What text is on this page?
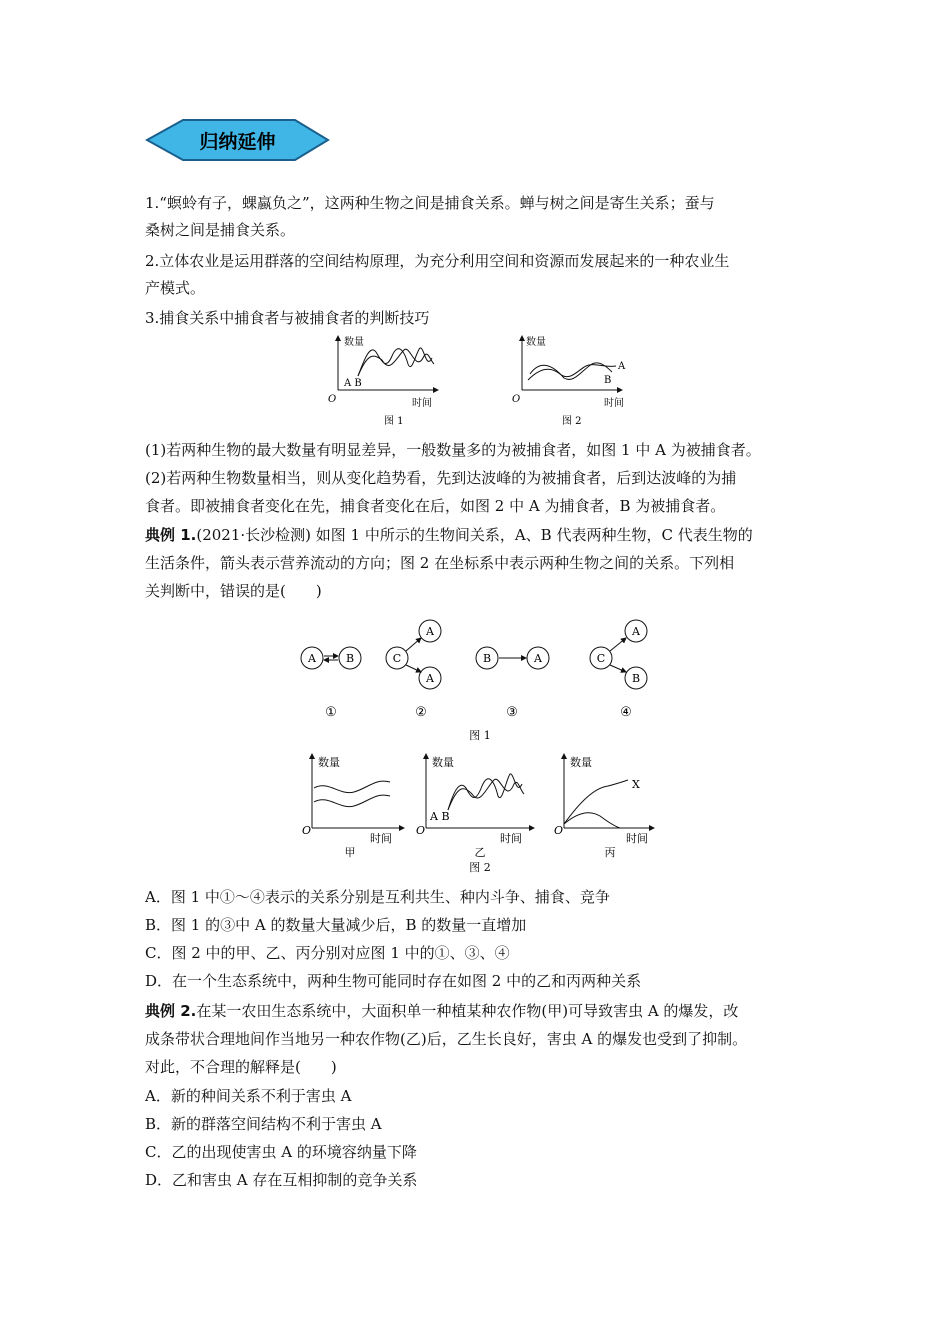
归纳延伸
1.“螟蛉有子，蜾蠃负之”，这两种生物之间是捕食关系。蝉与树之间是寄生关系；蚕与
桑树之间是捕食关系。
2.立体农业是运用群落的空间结构原理，为充分利用空间和资源而发展起来的一种农业生
产模式。
3.捕食关系中捕食者与被捕食者的判断技巧
数量
时间
O
A B
数量
时间
O
A
B
图 1	图 2
(1)若两种生物的最大数量有明显差异，一般数量多的为被捕食者，如图 1 中 A 为被捕食者。
(2)若两种生物数量相当，则从变化趋势看，先到达波峰的为被捕食者，后到达波峰的为捕
食者。即被捕食者变化在先，捕食者变化在后，如图 2 中 A 为捕食者，B 为被捕食者。
典例 1.(2021·长沙检测) 如图 1 中所示的生物间关系，A、B 代表两种生物，C 代表生物的
生活条件，箭头表示营养流动的方向；图 2 在坐标系中表示两种生物之间的关系。下列相
关判断中，错误的是(　　)
A	B	C
A
A
B	A	C
A
B
①	②	③	④
图 1
数量
时间
O
甲
数量
时间
O
A B
乙
数量
时间
O
X
丙
图 2
A．图 1 中①～④表示的关系分别是互利共生、种内斗争、捕食、竞争
B．图 1 的③中 A 的数量大量减少后，B 的数量一直增加
C．图 2 中的甲、乙、丙分别对应图 1 中的①、③、④
D．在一个生态系统中，两种生物可能同时存在如图 2 中的乙和丙两种关系
典例 2.在某一农田生态系统中，大面积单一种植某种农作物(甲)可导致害虫 A 的爆发，改
成条带状合理地间作当地另一种农作物(乙)后，乙生长良好，害虫 A 的爆发也受到了抑制。
对此，不合理的解释是(　　)
A．新的种间关系不利于害虫 A
B．新的群落空间结构不利于害虫 A
C．乙的出现使害虫 A 的环境容纳量下降
D．乙和害虫 A 存在互相抑制的竞争关系
